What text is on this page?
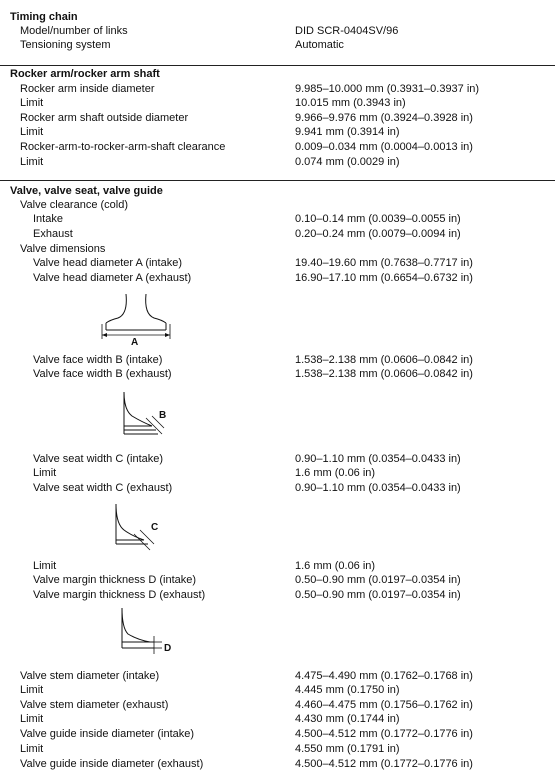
Timing chain
Model/number of links	DID SCR-0404SV/96
Tensioning system	Automatic
Rocker arm/rocker arm shaft
Rocker arm inside diameter	9.985–10.000 mm (0.3931–0.3937 in)
Limit	10.015 mm (0.3943 in)
Rocker arm shaft outside diameter	9.966–9.976 mm (0.3924–0.3928 in)
Limit	9.941 mm (0.3914 in)
Rocker-arm-to-rocker-arm-shaft clearance	0.009–0.034 mm (0.0004–0.0013 in)
Limit	0.074 mm (0.0029 in)
Valve, valve seat, valve guide
Valve clearance (cold)
Intake	0.10–0.14 mm (0.0039–0.0055 in)
Exhaust	0.20–0.24 mm (0.0079–0.0094 in)
Valve dimensions
Valve head diameter A (intake)	19.40–19.60 mm (0.7638–0.7717 in)
Valve head diameter A (exhaust)	16.90–17.10 mm (0.6654–0.6732 in)
A
Valve face width B (intake)	1.538–2.138 mm (0.0606–0.0842 in)
Valve face width B (exhaust)	1.538–2.138 mm (0.0606–0.0842 in)
B
Valve seat width C (intake)	0.90–1.10 mm (0.0354–0.0433 in)
Limit	1.6 mm (0.06 in)
Valve seat width C (exhaust)	0.90–1.10 mm (0.0354–0.0433 in)
C
Limit	1.6 mm (0.06 in)
Valve margin thickness D (intake)	0.50–0.90 mm (0.0197–0.0354 in)
Valve margin thickness D (exhaust)	0.50–0.90 mm (0.0197–0.0354 in)
D
Valve stem diameter (intake)	4.475–4.490 mm (0.1762–0.1768 in)
Limit	4.445 mm (0.1750 in)
Valve stem diameter (exhaust)	4.460–4.475 mm (0.1756–0.1762 in)
Limit	4.430 mm (0.1744 in)
Valve guide inside diameter (intake)	4.500–4.512 mm (0.1772–0.1776 in)
Limit	4.550 mm (0.1791 in)
Valve guide inside diameter (exhaust)	4.500–4.512 mm (0.1772–0.1776 in)
